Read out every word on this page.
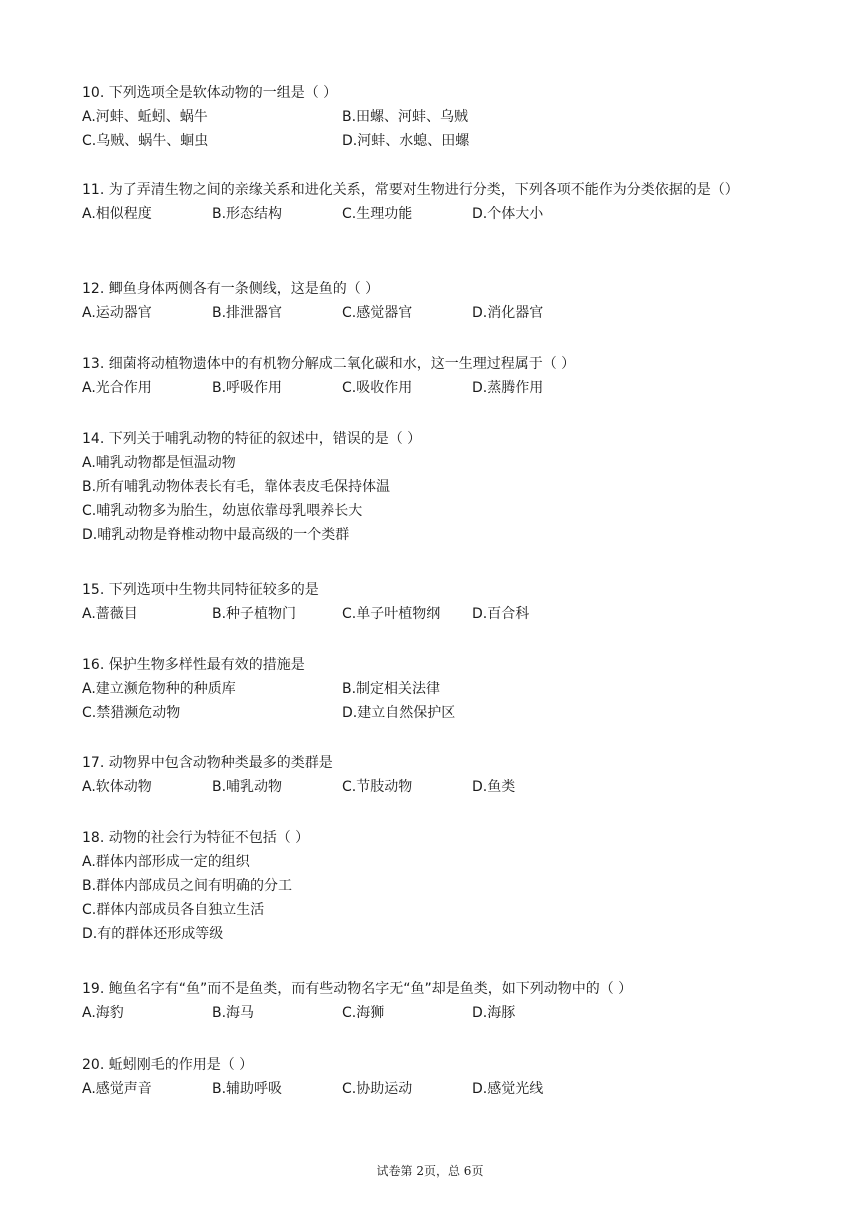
10. 下列选项全是软体动物的一组是（ ）
A.河蚌、蚯蚓、蜗牛	B.田螺、河蚌、乌贼
C.乌贼、蜗牛、蛔虫	D.河蚌、水螅、田螺
11. 为了弄清生物之间的亲缘关系和进化关系，常要对生物进行分类，下列各项不能作为分类依据的是（）
A.相似程度	B.形态结构	C.生理功能	D.个体大小
12. 鲫鱼身体两侧各有一条侧线，这是鱼的（ ）
A.运动器官	B.排泄器官	C.感觉器官	D.消化器官
13. 细菌将动植物遗体中的有机物分解成二氧化碳和水，这一生理过程属于（ ）
A.光合作用	B.呼吸作用	C.吸收作用	D.蒸腾作用
14. 下列关于哺乳动物的特征的叙述中，错误的是（ ）
A.哺乳动物都是恒温动物
B.所有哺乳动物体表长有毛，靠体表皮毛保持体温
C.哺乳动物多为胎生，幼崽依靠母乳喂养长大
D.哺乳动物是脊椎动物中最高级的一个类群
15. 下列选项中生物共同特征较多的是
A.蔷薇目	B.种子植物门	C.单子叶植物纲	D.百合科
16. 保护生物多样性最有效的措施是
A.建立濒危物种的种质库	B.制定相关法律
C.禁猎濒危动物	D.建立自然保护区
17. 动物界中包含动物种类最多的类群是
A.软体动物	B.哺乳动物	C.节肢动物	D.鱼类
18. 动物的社会行为特征不包括（ ）
A.群体内部形成一定的组织
B.群体内部成员之间有明确的分工
C.群体内部成员各自独立生活
D.有的群体还形成等级
19. 鲍鱼名字有“鱼”而不是鱼类，而有些动物名字无“鱼”却是鱼类，如下列动物中的（ ）
A.海豹	B.海马	C.海狮	D.海豚
20. 蚯蚓刚毛的作用是（ ）
A.感觉声音	B.辅助呼吸	C.协助运动	D.感觉光线
试卷第 2页，总 6页
